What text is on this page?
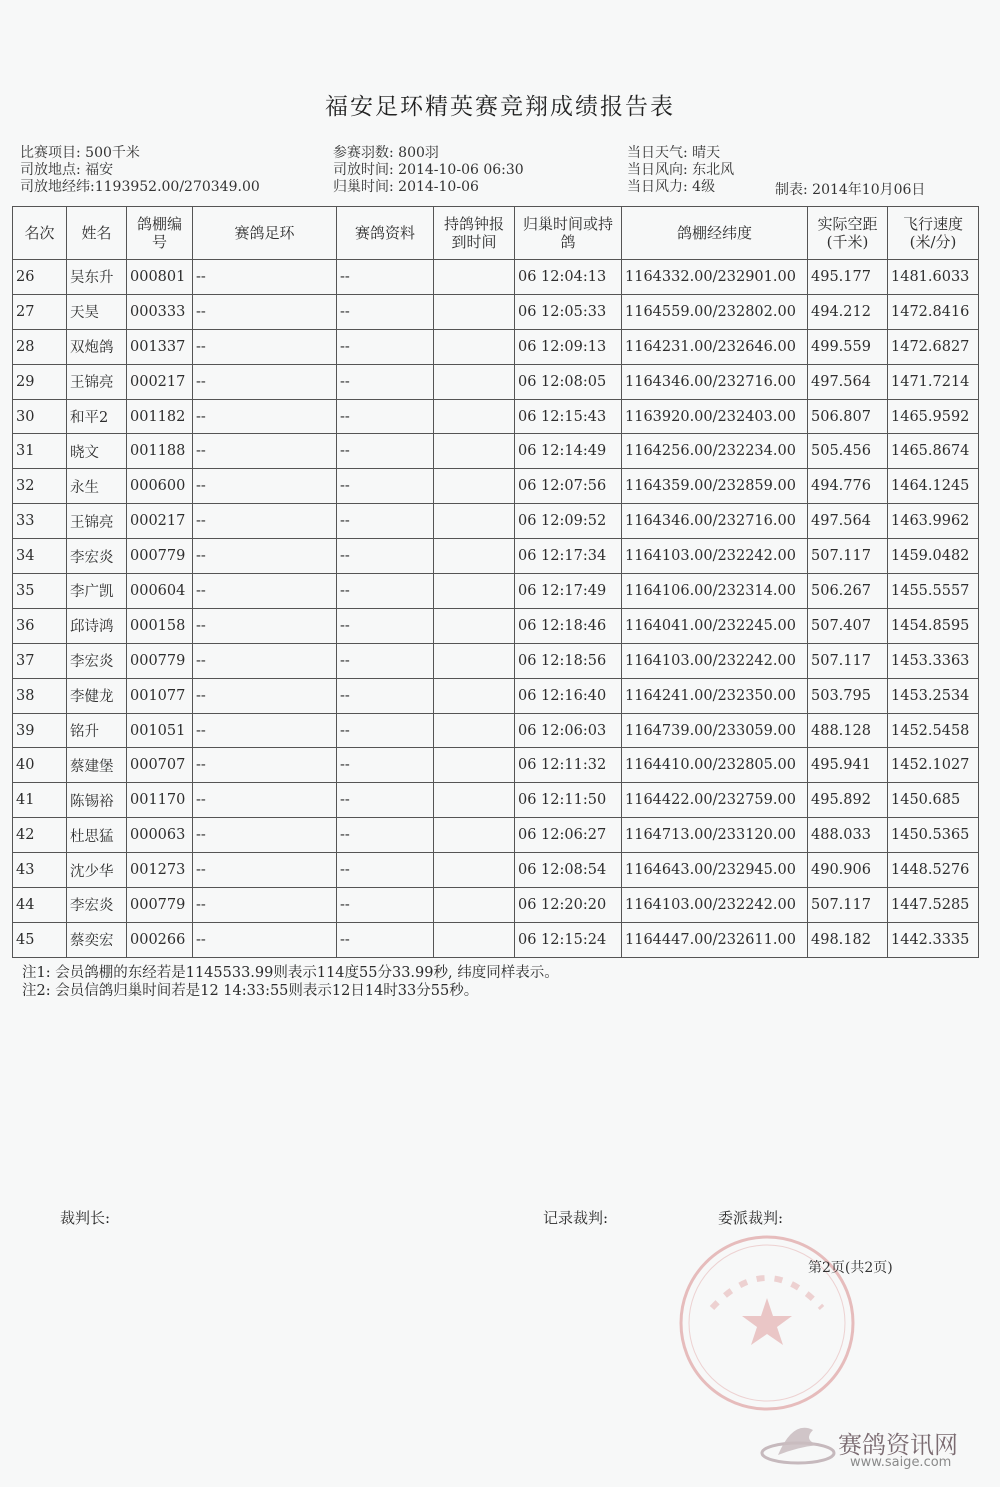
福安足环精英赛竞翔成绩报告表
比赛项目: 500千米
司放地点: 福安
司放地经纬:1193952.00/270349.00
参赛羽数: 800羽
司放时间: 2014-10-06 06:30
归巢时间: 2014-10-06
当日天气: 晴天
当日风向: 东北风
当日风力: 4级	制表: 2014年10月06日
名次	姓名	鸽棚编号	赛鸽足环	赛鸽资料	持鸽钟报到时间	归巢时间或持鸽	鸽棚经纬度	实际空距(千米)	飞行速度(米/分)
26	吴东升	000801	--	--		06 12:04:13	1164332.00/232901.00	495.177	1481.6033
27	天昊	000333	--	--		06 12:05:33	1164559.00/232802.00	494.212	1472.8416
28	双炮鸽	001337	--	--		06 12:09:13	1164231.00/232646.00	499.559	1472.6827
29	王锦亮	000217	--	--		06 12:08:05	1164346.00/232716.00	497.564	1471.7214
30	和平2	001182	--	--		06 12:15:43	1163920.00/232403.00	506.807	1465.9592
31	晓文	001188	--	--		06 12:14:49	1164256.00/232234.00	505.456	1465.8674
32	永生	000600	--	--		06 12:07:56	1164359.00/232859.00	494.776	1464.1245
33	王锦亮	000217	--	--		06 12:09:52	1164346.00/232716.00	497.564	1463.9962
34	李宏炎	000779	--	--		06 12:17:34	1164103.00/232242.00	507.117	1459.0482
35	李广凯	000604	--	--		06 12:17:49	1164106.00/232314.00	506.267	1455.5557
36	邱诗鸿	000158	--	--		06 12:18:46	1164041.00/232245.00	507.407	1454.8595
37	李宏炎	000779	--	--		06 12:18:56	1164103.00/232242.00	507.117	1453.3363
38	李健龙	001077	--	--		06 12:16:40	1164241.00/232350.00	503.795	1453.2534
39	铭升	001051	--	--		06 12:06:03	1164739.00/233059.00	488.128	1452.5458
40	蔡建堡	000707	--	--		06 12:11:32	1164410.00/232805.00	495.941	1452.1027
41	陈锡裕	001170	--	--		06 12:11:50	1164422.00/232759.00	495.892	1450.685
42	杜思猛	000063	--	--		06 12:06:27	1164713.00/233120.00	488.033	1450.5365
43	沈少华	001273	--	--		06 12:08:54	1164643.00/232945.00	490.906	1448.5276
44	李宏炎	000779	--	--		06 12:20:20	1164103.00/232242.00	507.117	1447.5285
45	蔡奕宏	000266	--	--		06 12:15:24	1164447.00/232611.00	498.182	1442.3335
注1: 会员鸽棚的东经若是1145533.99则表示114度55分33.99秒, 纬度同样表示。
注2: 会员信鸽归巢时间若是12 14:33:55则表示12日14时33分55秒。
裁判长:	记录裁判:	委派裁判:
第2页(共2页)
赛鸽资讯网
www.saige.com
